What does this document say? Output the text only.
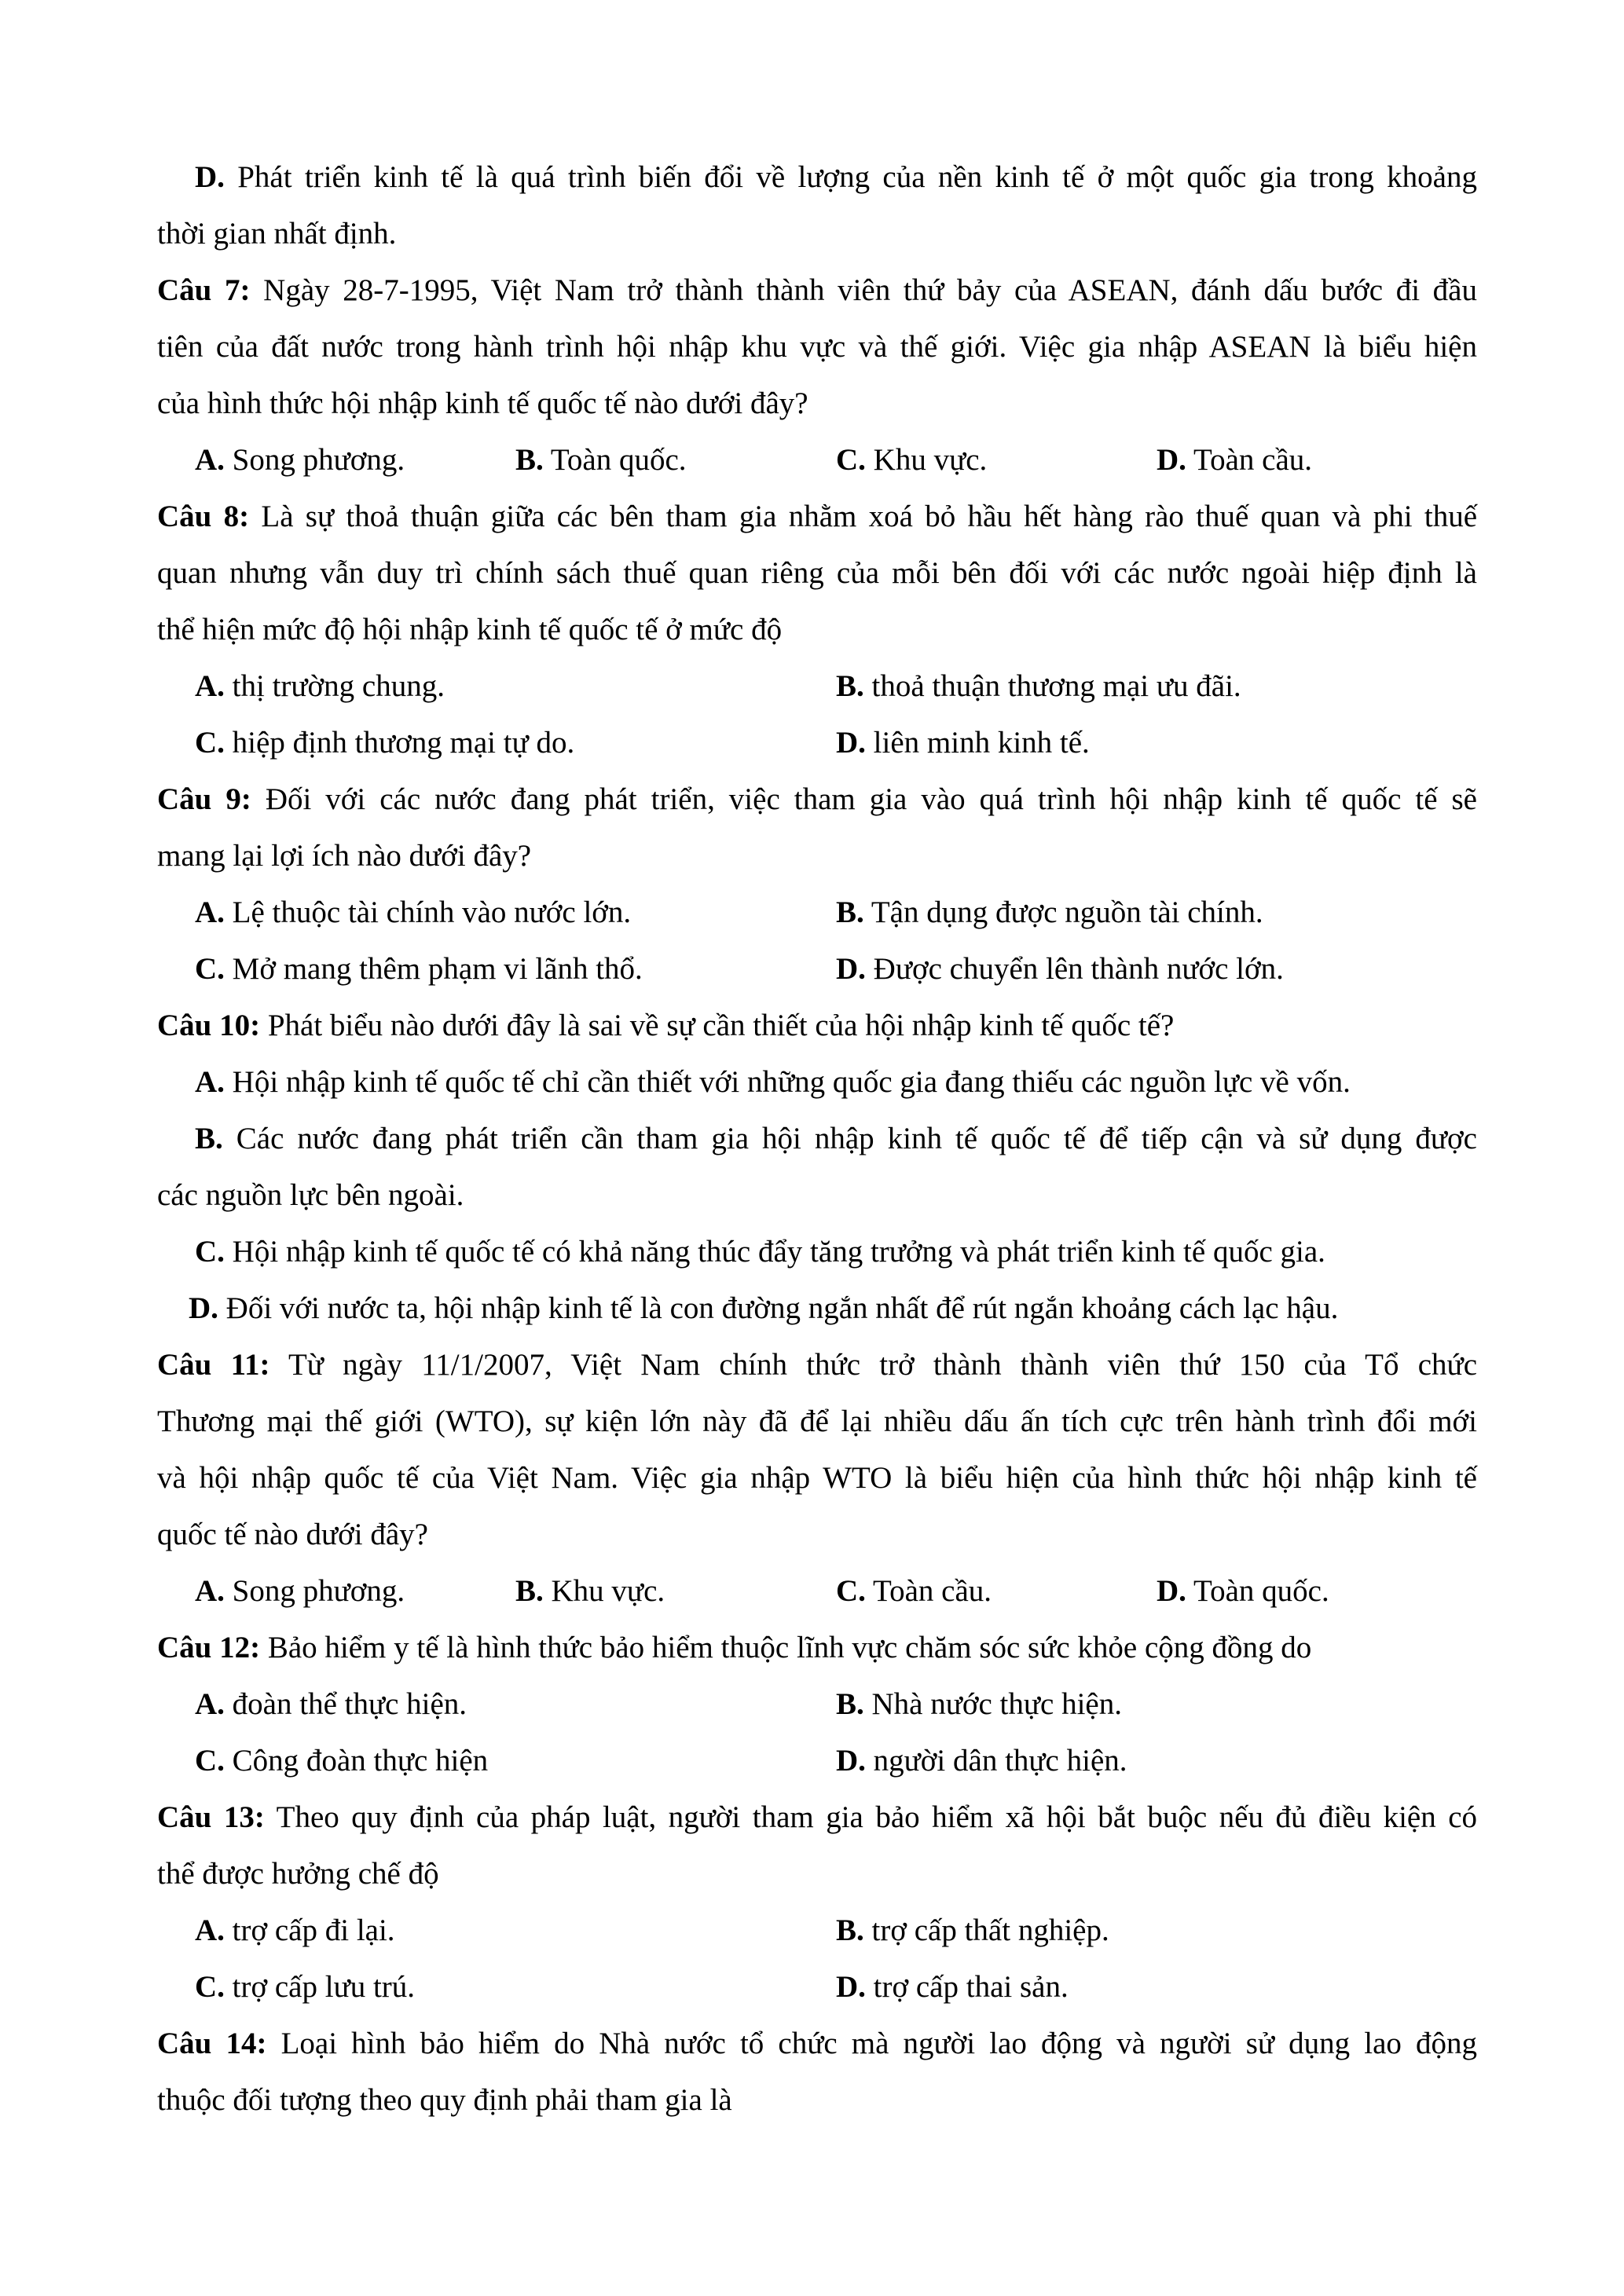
D. Phát triển kinh tế là quá trình biến đổi về lượng của nền kinh tế ở một quốc gia trong khoảng
thời gian nhất định.
Câu 7: Ngày 28-7-1995, Việt Nam trở thành thành viên thứ bảy của ASEAN, đánh dấu bước đi đầu
tiên của đất nước trong hành trình hội nhập khu vực và thế giới. Việc gia nhập ASEAN là biểu hiện
của hình thức hội nhập kinh tế quốc tế nào dưới đây?
A. Song phương.	B. Toàn quốc.	C. Khu vực.	D. Toàn cầu.
Câu 8: Là sự thoả thuận giữa các bên tham gia nhằm xoá bỏ hầu hết hàng rào thuế quan và phi thuế
quan nhưng vẫn duy trì chính sách thuế quan riêng của mỗi bên đối với các nước ngoài hiệp định là
thể hiện mức độ hội nhập kinh tế quốc tế ở mức độ
A. thị trường chung.	B. thoả thuận thương mại ưu đãi.
C. hiệp định thương mại tự do.	D. liên minh kinh tế.
Câu 9: Đối với các nước đang phát triển, việc tham gia vào quá trình hội nhập kinh tế quốc tế sẽ
mang lại lợi ích nào dưới đây?
A. Lệ thuộc tài chính vào nước lớn.	B. Tận dụng được nguồn tài chính.
C. Mở mang thêm phạm vi lãnh thổ.	D. Được chuyển lên thành nước lớn.
Câu 10: Phát biểu nào dưới đây là sai về sự cần thiết của hội nhập kinh tế quốc tế?
A. Hội nhập kinh tế quốc tế chỉ cần thiết với những quốc gia đang thiếu các nguồn lực về vốn.
B. Các nước đang phát triển cần tham gia hội nhập kinh tế quốc tế để tiếp cận và sử dụng được
các nguồn lực bên ngoài.
C. Hội nhập kinh tế quốc tế có khả năng thúc đẩy tăng trưởng và phát triển kinh tế quốc gia.
D. Đối với nước ta, hội nhập kinh tế là con đường ngắn nhất để rút ngắn khoảng cách lạc hậu.
Câu 11: Từ ngày 11/1/2007, Việt Nam chính thức trở thành thành viên thứ 150 của Tổ chức
Thương mại thế giới (WTO), sự kiện lớn này đã để lại nhiều dấu ấn tích cực trên hành trình đổi mới
và hội nhập quốc tế của Việt Nam. Việc gia nhập WTO là biểu hiện của hình thức hội nhập kinh tế
quốc tế nào dưới đây?
A. Song phương.	B. Khu vực.	C. Toàn cầu.	D. Toàn quốc.
Câu 12: Bảo hiểm y tế là hình thức bảo hiểm thuộc lĩnh vực chăm sóc sức khỏe cộng đồng do
A. đoàn thể thực hiện.	B. Nhà nước thực hiện.
C. Công đoàn thực hiện	D. người dân thực hiện.
Câu 13: Theo quy định của pháp luật, người tham gia bảo hiểm xã hội bắt buộc nếu đủ điều kiện có
thể được hưởng chế độ
A. trợ cấp đi lại.	B. trợ cấp thất nghiệp.
C. trợ cấp lưu trú.	D. trợ cấp thai sản.
Câu 14: Loại hình bảo hiểm do Nhà nước tổ chức mà người lao động và người sử dụng lao động
thuộc đối tượng theo quy định phải tham gia là
